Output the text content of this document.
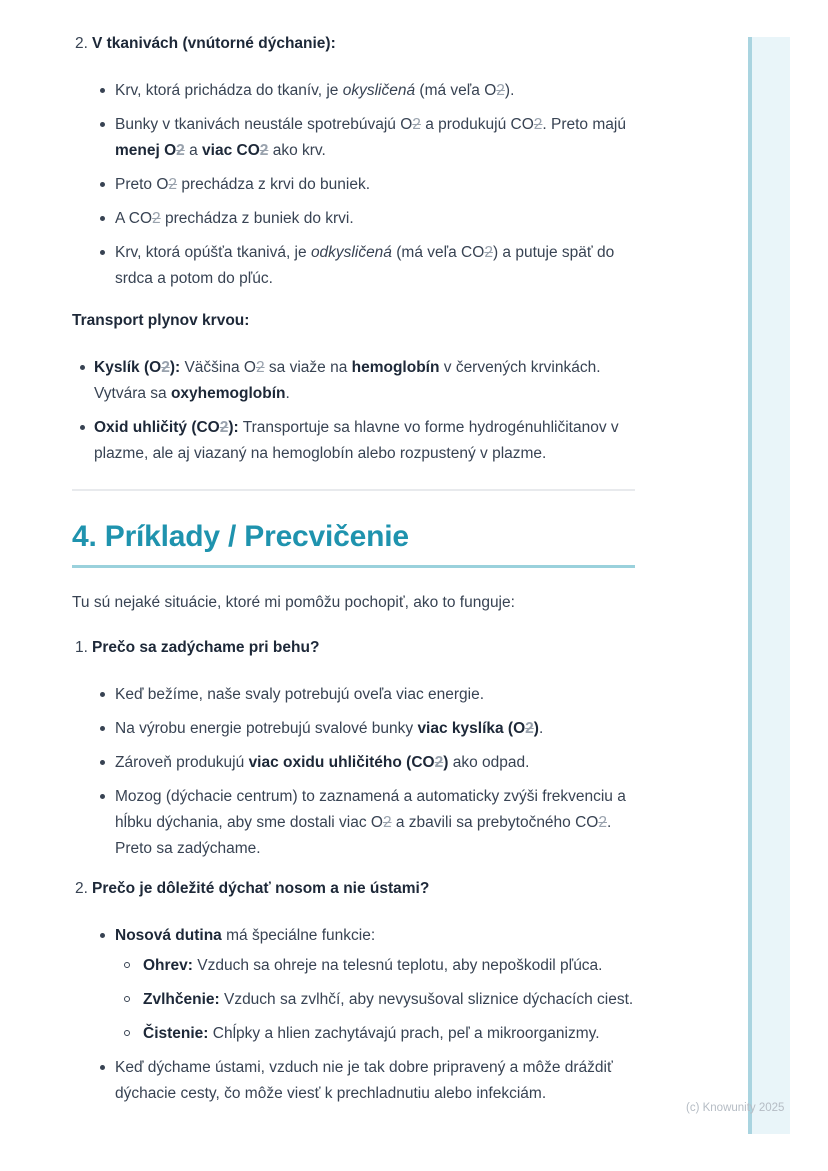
2. V tkanivách (vnútorné dýchanie):
Krv, ktorá prichádza do tkanív, je okysličená (má veľa O2).
Bunky v tkanivách neustále spotrebúvajú O2 a produkujú CO2. Preto majú menej O2 a viac CO2 ako krv.
Preto O2 prechádza z krvi do buniek.
A CO2 prechádza z buniek do krvi.
Krv, ktorá opúšťa tkanivá, je odkysličená (má veľa CO2) a putuje späť do srdca a potom do pľúc.
Transport plynov krvou:
Kyslík (O2): Väčšina O2 sa viaže na hemoglobín v červených krvinkách. Vytvára sa oxyhemoglobín.
Oxid uhličitý (CO2): Transportuje sa hlavne vo forme hydrogénuhličitanov v plazme, ale aj viazaný na hemoglobín alebo rozpustený v plazme.
4. Príklady / Precvičenie

Tu sú nejaké situácie, ktoré mi pomôžu pochopiť, ako to funguje:

1. Prečo sa zadýchame pri behu?
Keď bežíme, naše svaly potrebujú oveľa viac energie.
Na výrobu energie potrebujú svalové bunky viac kyslíka (O2).
Zároveň produkujú viac oxidu uhličitého (CO2) ako odpad.
Mozog (dýchacie centrum) to zaznamená a automaticky zvýši frekvenciu a hĺbku dýchania, aby sme dostali viac O2 a zbavili sa prebytočného CO2. Preto sa zadýchame.
2. Prečo je dôležité dýchať nosom a nie ústami?
Nosová dutina má špeciálne funkcie:
Ohrev: Vzduch sa ohreje na telesnú teplotu, aby nepoškodil pľúca.
Zvlhčenie: Vzduch sa zvlhčí, aby nevysušoval sliznice dýchacích ciest.
Čistenie: Chĺpky a hlien zachytávajú prach, peľ a mikroorganizmy.
Keď dýchame ústami, vzduch nie je tak dobre pripravený a môže dráždiť dýchacie cesty, čo môže viesť k prechladnutiu alebo infekciám.
(c) Knowunity 2025
